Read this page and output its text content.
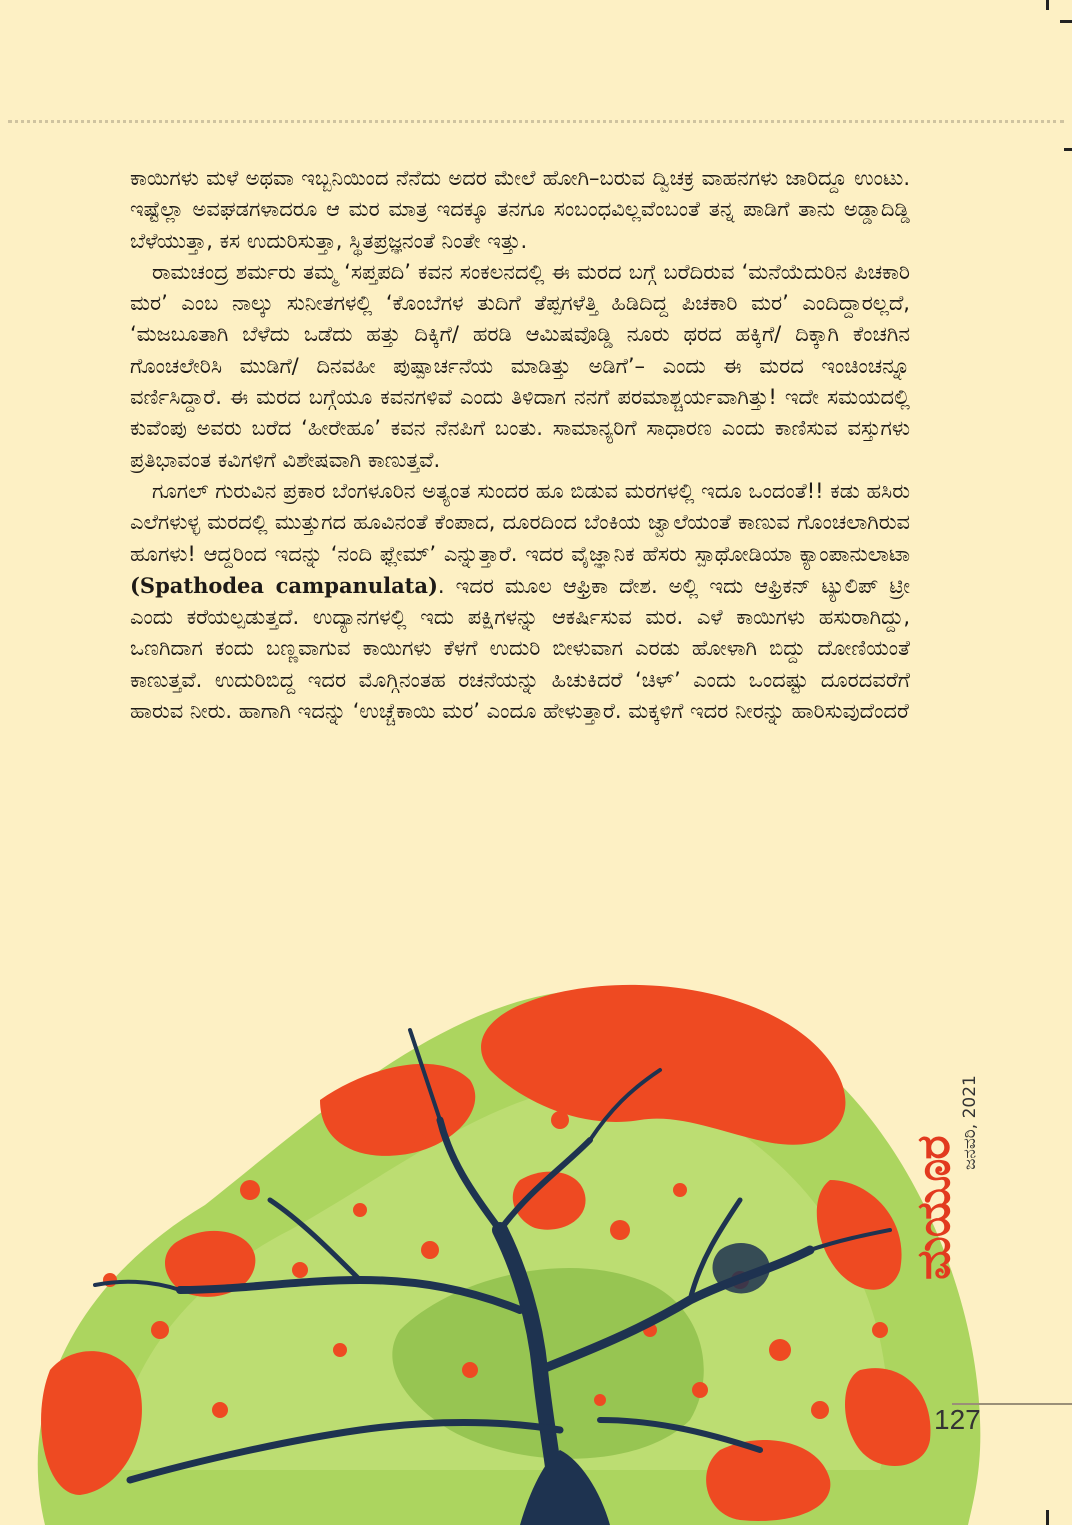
ಕಾಯಿಗಳು ಮಳೆ ಅಥವಾ ಇಬ್ಬನಿಯಿಂದ ನೆನೆದು ಅದರ ಮೇಲೆ ಹೋಗಿ–ಬರುವ ದ್ವಿಚಕ್ರ ವಾಹನಗಳು ಜಾರಿದ್ದೂ ಉಂಟು. ಇಷ್ಟೆಲ್ಲಾ ಅವಘಡಗಳಾದರೂ ಆ ಮರ ಮಾತ್ರ ಇದಕ್ಕೂ ತನಗೂ ಸಂಬಂಧವಿಲ್ಲವೆಂಬಂತೆ ತನ್ನ ಪಾಡಿಗೆ ತಾನು ಅಡ್ಡಾದಿಡ್ಡಿ ಬೆಳೆಯುತ್ತಾ, ಕಸ ಉದುರಿಸುತ್ತಾ, ಸ್ಥಿತಪ್ರಜ್ಞನಂತೆ ನಿಂತೇ ಇತ್ತು.

ರಾಮಚಂದ್ರ ಶರ್ಮರು ತಮ್ಮ ‘ಸಪ್ತಪದಿ’ ಕವನ ಸಂಕಲನದಲ್ಲಿ ಈ ಮರದ ಬಗ್ಗೆ ಬರೆದಿರುವ ‘ಮನೆಯೆದುರಿನ ಪಿಚಕಾರಿ ಮರ’ ಎಂಬ ನಾಲ್ಕು ಸುನೀತಗಳಲ್ಲಿ ‘ಕೊಂಬೆಗಳ ತುದಿಗೆ ತೆಪ್ಪಗಳೆತ್ತಿ ಹಿಡಿದಿದ್ದ ಪಿಚಕಾರಿ ಮರ’ ಎಂದಿದ್ದಾರಲ್ಲದೆ, ‘ಮಜಬೂತಾಗಿ ಬೆಳೆದು ಒಡೆದು ಹತ್ತು ದಿಕ್ಕಿಗೆ/ ಹರಡಿ ಆಮಿಷವೊಡ್ಡಿ ನೂರು ಥರದ ಹಕ್ಕಿಗೆ/ ದಿಕ್ಕಾಗಿ ಕೆಂಚಗಿನ ಗೊಂಚಲೇರಿಸಿ ಮುಡಿಗೆ/ ದಿನವಹೀ ಪುಷ್ಪಾರ್ಚನೆಯ ಮಾಡಿತ್ತು ಅಡಿಗೆ’– ಎಂದು ಈ ಮರದ ಇಂಚಿಂಚನ್ನೂ ವರ್ಣಿಸಿದ್ದಾರೆ. ಈ ಮರದ ಬಗ್ಗೆಯೂ ಕವನಗಳಿವೆ ಎಂದು ತಿಳಿದಾಗ ನನಗೆ ಪರಮಾಶ್ಚರ್ಯವಾಗಿತ್ತು! ಇದೇ ಸಮಯದಲ್ಲಿ ಕುವೆಂಪು ಅವರು ಬರೆದ ‘ಹೀರೇಹೂ’ ಕವನ ನೆನಪಿಗೆ ಬಂತು. ಸಾಮಾನ್ಯರಿಗೆ ಸಾಧಾರಣ ಎಂದು ಕಾಣಿಸುವ ವಸ್ತುಗಳು ಪ್ರತಿಭಾವಂತ ಕವಿಗಳಿಗೆ ವಿಶೇಷವಾಗಿ ಕಾಣುತ್ತವೆ.

ಗೂಗಲ್ ಗುರುವಿನ ಪ್ರಕಾರ ಬೆಂಗಳೂರಿನ ಅತ್ಯಂತ ಸುಂದರ ಹೂ ಬಿಡುವ ಮರಗಳಲ್ಲಿ ಇದೂ ಒಂದಂತೆ!! ಕಡು ಹಸಿರು ಎಲೆಗಳುಳ್ಳ ಮರದಲ್ಲಿ ಮುತ್ತುಗದ ಹೂವಿನಂತೆ ಕೆಂಪಾದ, ದೂರದಿಂದ ಬೆಂಕಿಯ ಜ್ವಾಲೆಯಂತೆ ಕಾಣುವ ಗೊಂಚಲಾಗಿರುವ ಹೂಗಳು! ಆದ್ದರಿಂದ ಇದನ್ನು ‘ನಂದಿ ಫ್ಲೇಮ್’ ಎನ್ನುತ್ತಾರೆ. ಇದರ ವೈಜ್ಞಾನಿಕ ಹೆಸರು ಸ್ಪಾಥೋಡಿಯಾ ಕ್ಯಾಂಪಾನುಲಾಟಾ (Spathodea campanulata). ಇದರ ಮೂಲ ಆಫ್ರಿಕಾ ದೇಶ. ಅಲ್ಲಿ ಇದು ಆಫ್ರಿಕನ್ ಟ್ಯುಲಿಪ್ ಟ್ರೀ ಎಂದು ಕರೆಯಲ್ಪಡುತ್ತದೆ. ಉದ್ಯಾನಗಳಲ್ಲಿ ಇದು ಪಕ್ಷಿಗಳನ್ನು ಆಕರ್ಷಿಸುವ ಮರ. ಎಳೆ ಕಾಯಿಗಳು ಹಸುರಾಗಿದ್ದು, ಒಣಗಿದಾಗ ಕಂದು ಬಣ್ಣವಾಗುವ ಕಾಯಿಗಳು ಕೆಳಗೆ ಉದುರಿ ಬೀಳುವಾಗ ಎರಡು ಹೋಳಾಗಿ ಬಿದ್ದು ದೋಣಿಯಂತೆ ಕಾಣುತ್ತವೆ. ಉದುರಿಬಿದ್ದ ಇದರ ಮೊಗ್ಗಿನಂತಹ ರಚನೆಯನ್ನು ಹಿಚುಕಿದರೆ ‘ಚಿಳ್’ ಎಂದು ಒಂದಷ್ಟು ದೂರದವರೆಗೆ ಹಾರುವ ನೀರು. ಹಾಗಾಗಿ ಇದನ್ನು ‘ಉಚ್ಚೆಕಾಯಿ ಮರ’ ಎಂದೂ ಹೇಳುತ್ತಾರೆ. ಮಕ್ಕಳಿಗೆ ಇದರ ನೀರನ್ನು ಹಾರಿಸುವುದೆಂದರೆ

ಜನವರಿ, 2021
ಮಯೂರ
127
